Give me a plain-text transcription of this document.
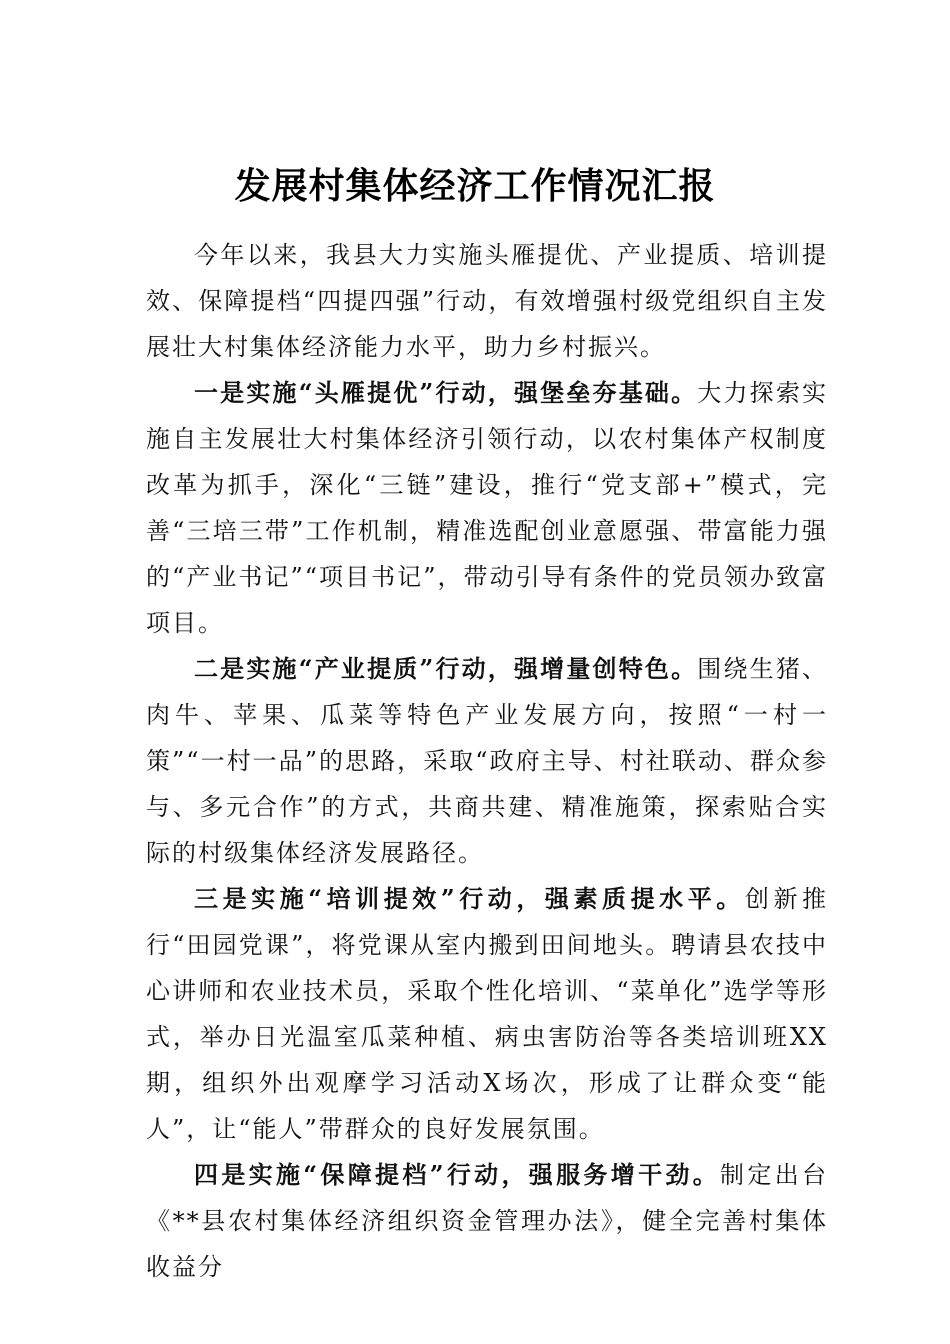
发展村集体经济工作情况汇报

今年以来，我县大力实施头雁提优、产业提质、培训提效、保障提档“四提四强”行动，有效增强村级党组织自主发展壮大村集体经济能力水平，助力乡村振兴。

一是实施“头雁提优”行动，强堡垒夯基础。大力探索实施自主发展壮大村集体经济引领行动，以农村集体产权制度改革为抓手，深化“三链”建设，推行“党支部+”模式，完善“三培三带”工作机制，精准选配创业意愿强、带富能力强的“产业书记”“项目书记”，带动引导有条件的党员领办致富项目。

二是实施“产业提质”行动，强增量创特色。围绕生猪、肉牛、苹果、瓜菜等特色产业发展方向，按照“一村一策”“一村一品”的思路，采取“政府主导、村社联动、群众参与、多元合作”的方式，共商共建、精准施策，探索贴合实际的村级集体经济发展路径。

三是实施“培训提效”行动，强素质提水平。创新推行“田园党课”，将党课从室内搬到田间地头。聘请县农技中心讲师和农业技术员，采取个性化培训、“菜单化”选学等形式，举办日光温室瓜菜种植、病虫害防治等各类培训班XX期，组织外出观摩学习活动X场次，形成了让群众变“能人”，让“能人”带群众的良好发展氛围。

四是实施“保障提档”行动，强服务增干劲。制定出台《**县农村集体经济组织资金管理办法》，健全完善村集体收益分
